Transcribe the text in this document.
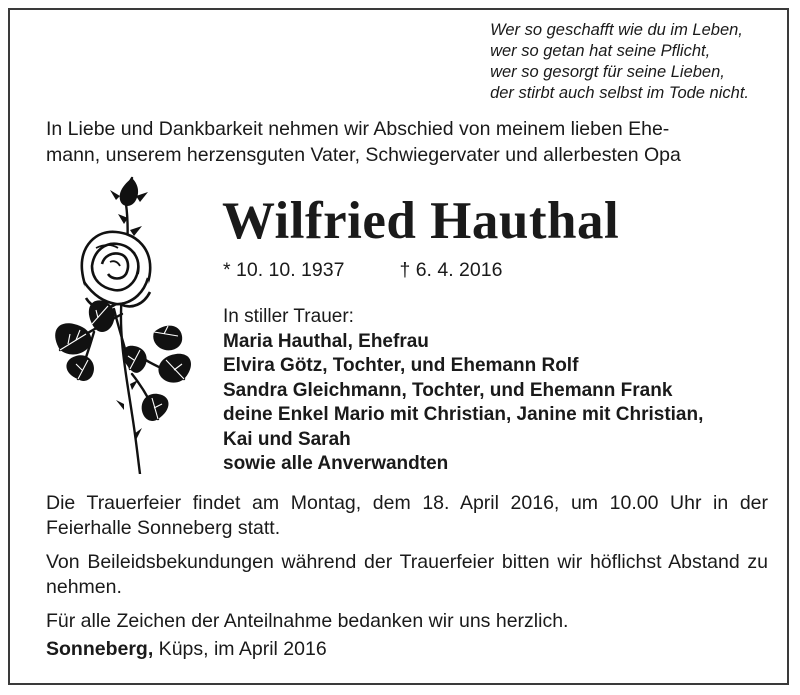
Wer so geschafft wie du im Leben,
wer so getan hat seine Pflicht,
wer so gesorgt für seine Lieben,
der stirbt auch selbst im Tode nicht.
In Liebe und Dankbarkeit nehmen wir Abschied von meinem lieben Ehe-
mann, unserem herzensguten Vater, Schwiegervater und allerbesten Opa
Wilfried Hauthal
* 10. 10. 1937	† 6. 4. 2016
In stiller Trauer:
Maria Hauthal, Ehefrau
Elvira Götz, Tochter, und Ehemann Rolf
Sandra Gleichmann, Tochter, und Ehemann Frank
deine Enkel Mario mit Christian, Janine mit Christian,
Kai und Sarah
sowie alle Anverwandten
Die Trauerfeier findet am Montag, dem 18. April 2016, um 10.00 Uhr in der Feierhalle Sonneberg statt.
Von Beileidsbekundungen während der Trauerfeier bitten wir höflichst Abstand zu nehmen.
Für alle Zeichen der Anteilnahme bedanken wir uns herzlich.
Sonneberg, Küps, im April 2016
